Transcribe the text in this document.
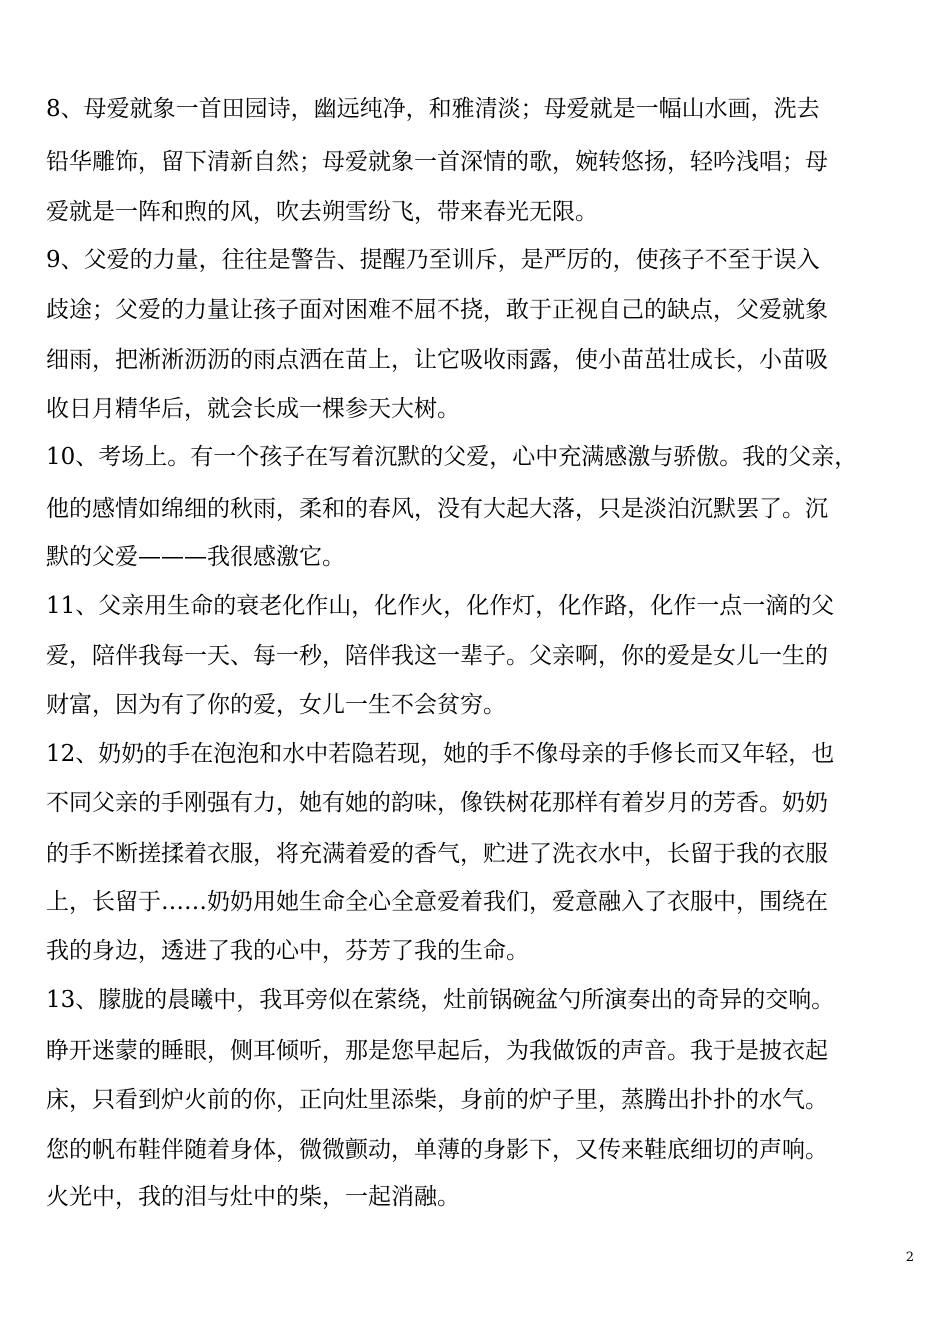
8、母爱就象一首田园诗，幽远纯净，和雅清淡；母爱就是一幅山水画，洗去
铅华雕饰，留下清新自然；母爱就象一首深情的歌，婉转悠扬，轻吟浅唱；母
爱就是一阵和煦的风，吹去朔雪纷飞，带来春光无限。
9、父爱的力量，往往是警告、提醒乃至训斥，是严厉的，使孩子不至于误入
歧途；父爱的力量让孩子面对困难不屈不挠，敢于正视自己的缺点，父爱就象
细雨，把淅淅沥沥的雨点洒在苗上，让它吸收雨露，使小苗茁壮成长，小苗吸
收日月精华后，就会长成一棵参天大树。
10、考场上。有一个孩子在写着沉默的父爱，心中充满感激与骄傲。我的父亲，
他的感情如绵细的秋雨，柔和的春风，没有大起大落，只是淡泊沉默罢了。沉
默的父爱———我很感激它。
11、父亲用生命的衰老化作山，化作火，化作灯，化作路，化作一点一滴的父
爱，陪伴我每一天、每一秒，陪伴我这一辈子。父亲啊，你的爱是女儿一生的
财富，因为有了你的爱，女儿一生不会贫穷。
12、奶奶的手在泡泡和水中若隐若现，她的手不像母亲的手修长而又年轻，也
不同父亲的手刚强有力，她有她的韵味，像铁树花那样有着岁月的芳香。奶奶
的手不断搓揉着衣服，将充满着爱的香气，贮进了洗衣水中，长留于我的衣服
上，长留于……奶奶用她生命全心全意爱着我们，爱意融入了衣服中，围绕在
我的身边，透进了我的心中，芬芳了我的生命。
13、朦胧的晨曦中，我耳旁似在萦绕，灶前锅碗盆勺所演奏出的奇异的交响。
睁开迷蒙的睡眼，侧耳倾听，那是您早起后，为我做饭的声音。我于是披衣起
床，只看到炉火前的你，正向灶里添柴，身前的炉子里，蒸腾出扑扑的水气。
您的帆布鞋伴随着身体，微微颤动，单薄的身影下，又传来鞋底细切的声响。
火光中，我的泪与灶中的柴，一起消融。
2
